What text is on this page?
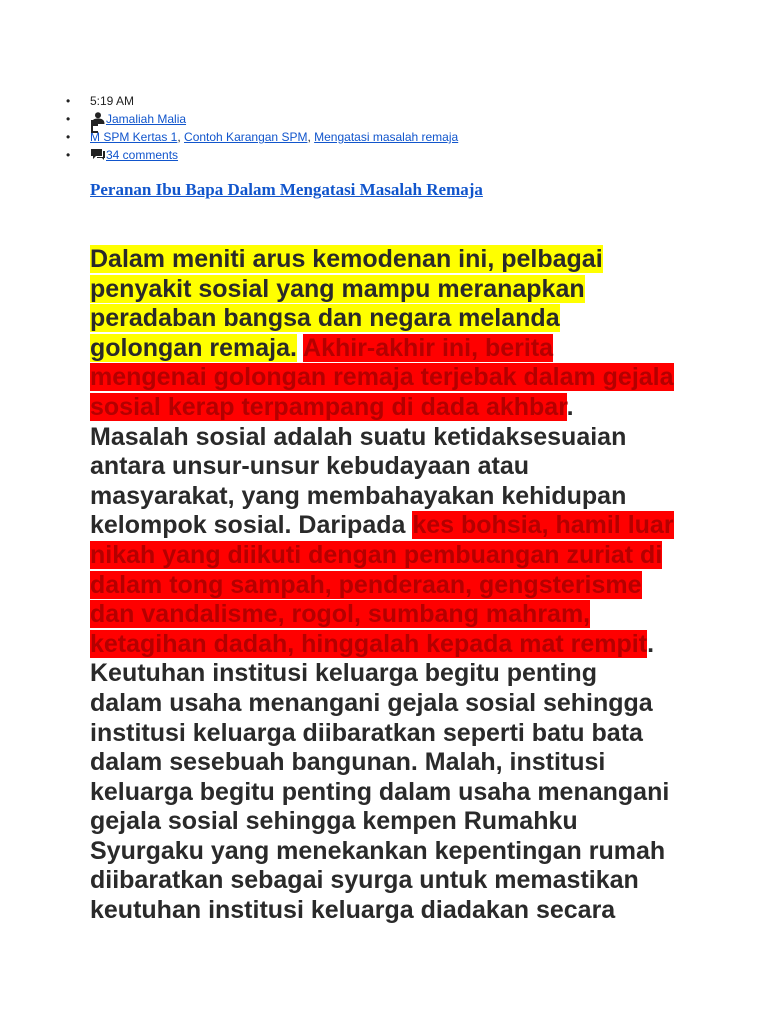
• 5:19 AM
•	Jamaliah Malia
• M SPM Kertas 1, Contoh Karangan SPM, Mengatasi masalah remaja
•	34 comments
Peranan Ibu Bapa Dalam Mengatasi Masalah Remaja
Dalam meniti arus kemodenan ini, pelbagai
penyakit sosial yang mampu meranapkan
peradaban bangsa dan negara melanda
golongan remaja. Akhir-akhir ini, berita
mengenai golongan remaja terjebak dalam gejala
sosial kerap terpampang di dada akhbar.
Masalah sosial adalah suatu ketidaksesuaian
antara unsur-unsur kebudayaan atau
masyarakat, yang membahayakan kehidupan
kelompok sosial. Daripada kes bohsia, hamil luar
nikah yang diikuti dengan pembuangan zuriat di
dalam tong sampah, penderaan, gengsterisme
dan vandalisme, rogol, sumbang mahram,
ketagihan dadah, hinggalah kepada mat rempit.
Keutuhan institusi keluarga begitu penting
dalam usaha menangani gejala sosial sehingga
institusi keluarga diibaratkan seperti batu bata
dalam sesebuah bangunan. Malah, institusi
keluarga begitu penting dalam usaha menangani
gejala sosial sehingga kempen Rumahku
Syurgaku yang menekankan kepentingan rumah
diibaratkan sebagai syurga untuk memastikan
keutuhan institusi keluarga diadakan secara
